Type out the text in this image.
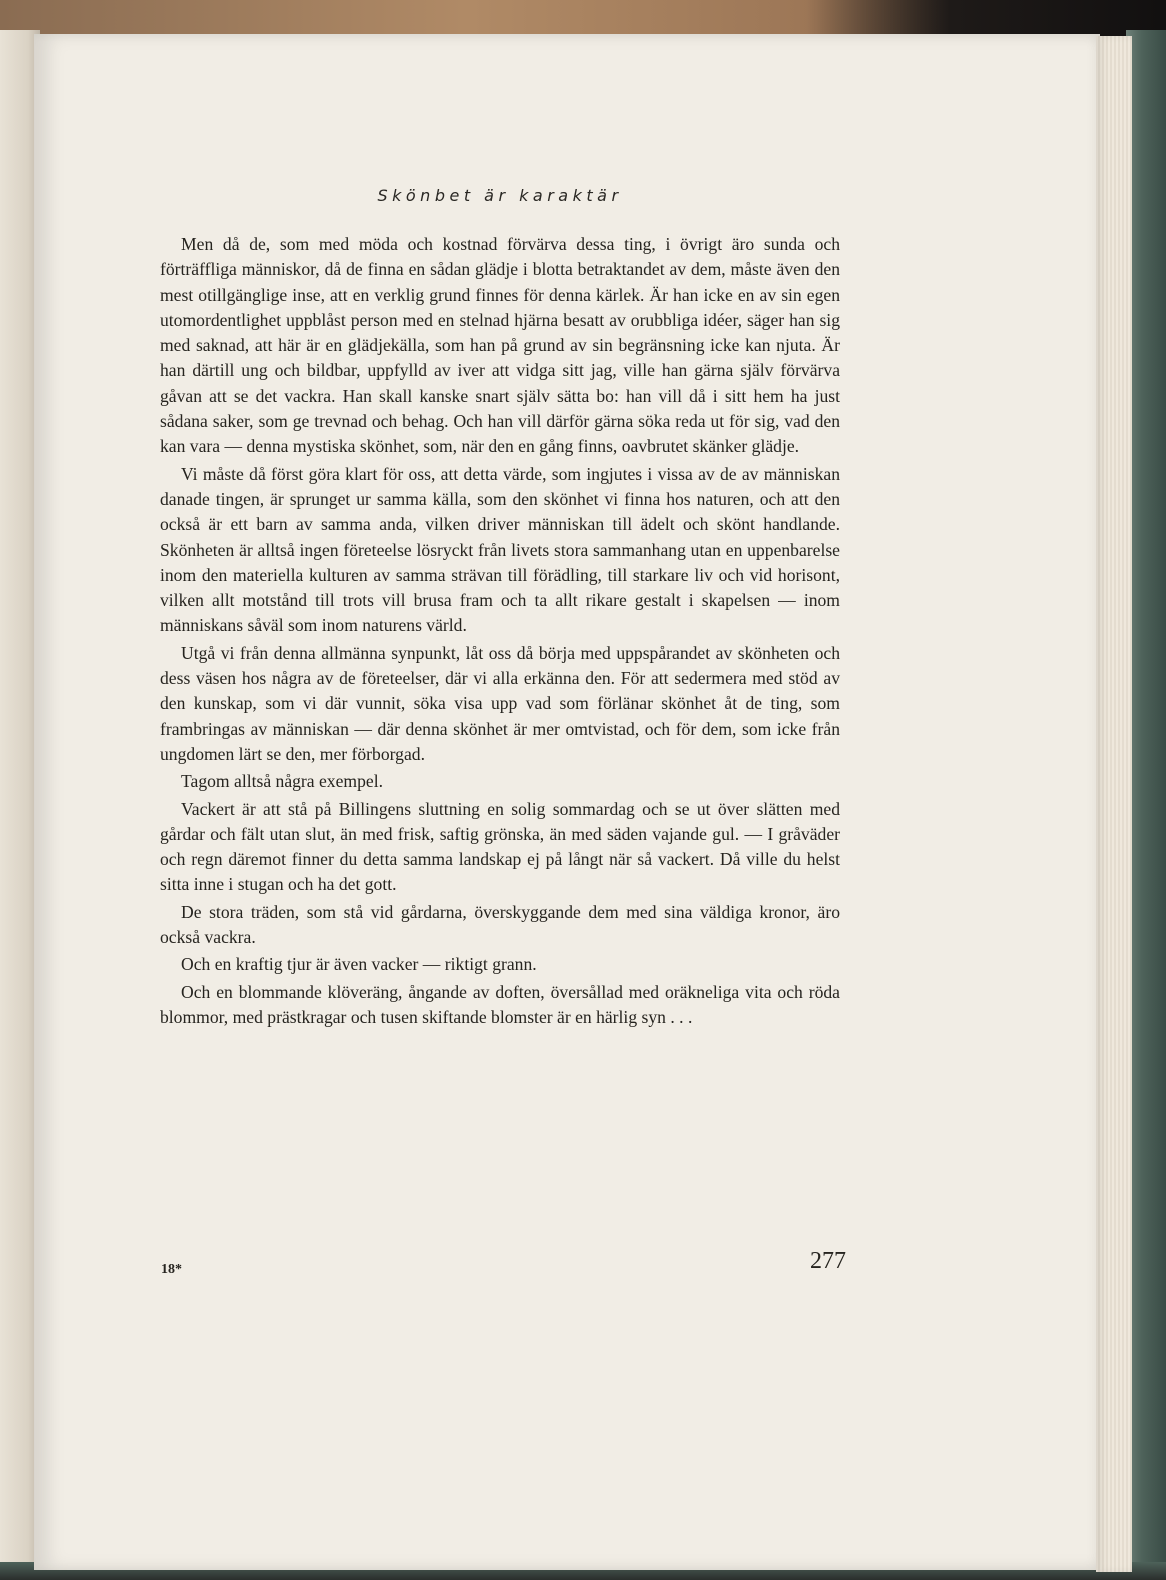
Skönbet är karaktär

Men då de, som med möda och kostnad förvärva dessa ting, i övrigt äro sunda och förträffliga människor, då de finna en sådan glädje i blotta betraktandet av dem, måste även den mest otillgänglige inse, att en verklig grund finnes för denna kärlek. Är han icke en av sin egen utomordentlighet uppblåst person med en stelnad hjärna besatt av orubbliga idéer, säger han sig med saknad, att här är en glädjekälla, som han på grund av sin begränsning icke kan njuta. Är han därtill ung och bildbar, uppfylld av iver att vidga sitt jag, ville han gärna själv förvärva gåvan att se det vackra. Han skall kanske snart själv sätta bo: han vill då i sitt hem ha just sådana saker, som ge trevnad och behag. Och han vill därför gärna söka reda ut för sig, vad den kan vara — denna mystiska skönhet, som, när den en gång finns, oavbrutet skänker glädje.

Vi måste då först göra klart för oss, att detta värde, som ingjutes i vissa av de av människan danade tingen, är sprunget ur samma källa, som den skönhet vi finna hos naturen, och att den också är ett barn av samma anda, vilken driver människan till ädelt och skönt handlande. Skönheten är alltså ingen företeelse lösryckt från livets stora sammanhang utan en uppenbarelse inom den materiella kulturen av samma strävan till förädling, till starkare liv och vid horisont, vilken allt motstånd till trots vill brusa fram och ta allt rikare gestalt i skapelsen — inom människans såväl som inom naturens värld.

Utgå vi från denna allmänna synpunkt, låt oss då börja med uppspårandet av skönheten och dess väsen hos några av de företeelser, där vi alla erkänna den. För att sedermera med stöd av den kunskap, som vi där vunnit, söka visa upp vad som förlänar skönhet åt de ting, som frambringas av människan — där denna skönhet är mer omtvistad, och för dem, som icke från ungdomen lärt se den, mer förborgad.

Tagom alltså några exempel.

Vackert är att stå på Billingens sluttning en solig sommardag och se ut över slätten med gårdar och fält utan slut, än med frisk, saftig grönska, än med säden vajande gul. — I gråväder och regn däremot finner du detta samma landskap ej på långt när så vackert. Då ville du helst sitta inne i stugan och ha det gott.

De stora träden, som stå vid gårdarna, överskyggande dem med sina väldiga kronor, äro också vackra.

Och en kraftig tjur är även vacker — riktigt grann.

Och en blommande klöveräng, ångande av doften, översållad med oräkneliga vita och röda blommor, med prästkragar och tusen skiftande blomster är en härlig syn . . .

18*	277
